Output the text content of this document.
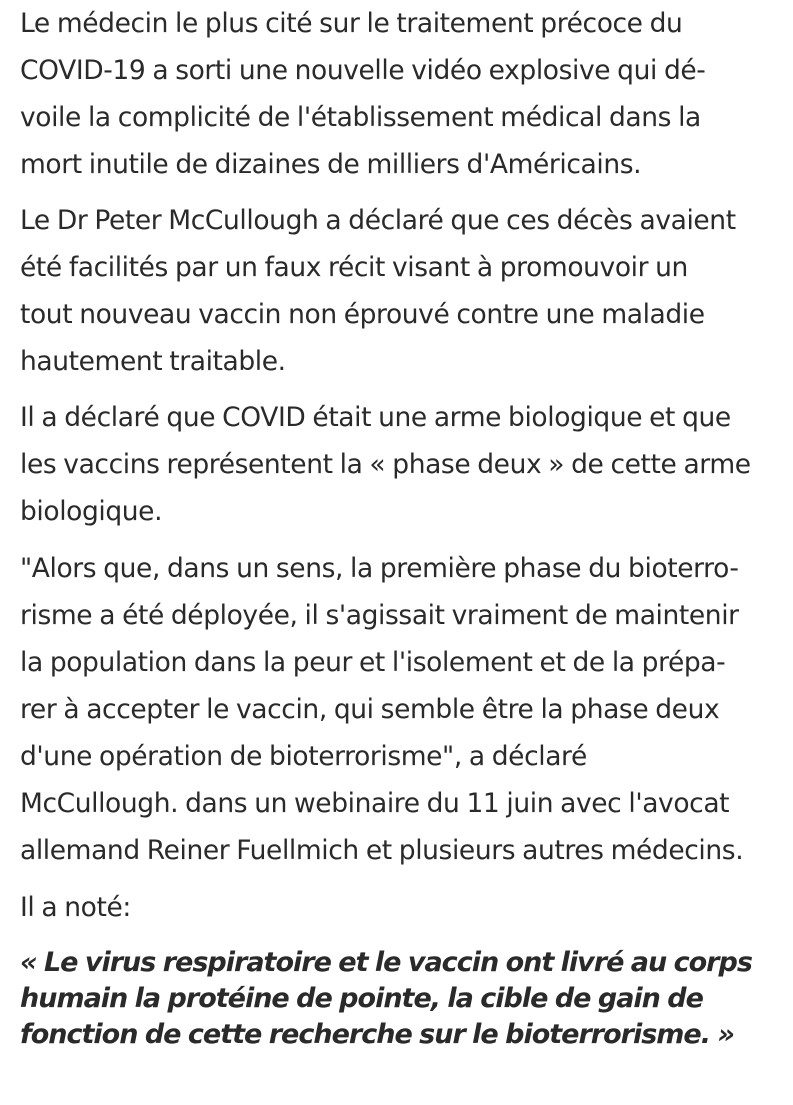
Le médecin le plus cité sur le traitement précoce du
COVID-19 a sorti une nouvelle vidéo explosive qui dé-
voile la complicité de l'établissement médical dans la
mort inutile de dizaines de milliers d'Américains.

Le Dr Peter McCullough a déclaré que ces décès avaient
été facilités par un faux récit visant à promouvoir un
tout nouveau vaccin non éprouvé contre une maladie
hautement traitable.

Il a déclaré que COVID était une arme biologique et que
les vaccins représentent la « phase deux » de cette arme
biologique.

"Alors que, dans un sens, la première phase du bioterro-
risme a été déployée, il s'agissait vraiment de maintenir
la population dans la peur et l'isolement et de la prépa-
rer à accepter le vaccin, qui semble être la phase deux
d'une opération de bioterrorisme", a déclaré
McCullough. dans un webinaire du 11 juin avec l'avocat
allemand Reiner Fuellmich et plusieurs autres médecins.

Il a noté:

« Le virus respiratoire et le vaccin ont livré au corps
humain la protéine de pointe, la cible de gain de
fonction de cette recherche sur le bioterrorisme. »
